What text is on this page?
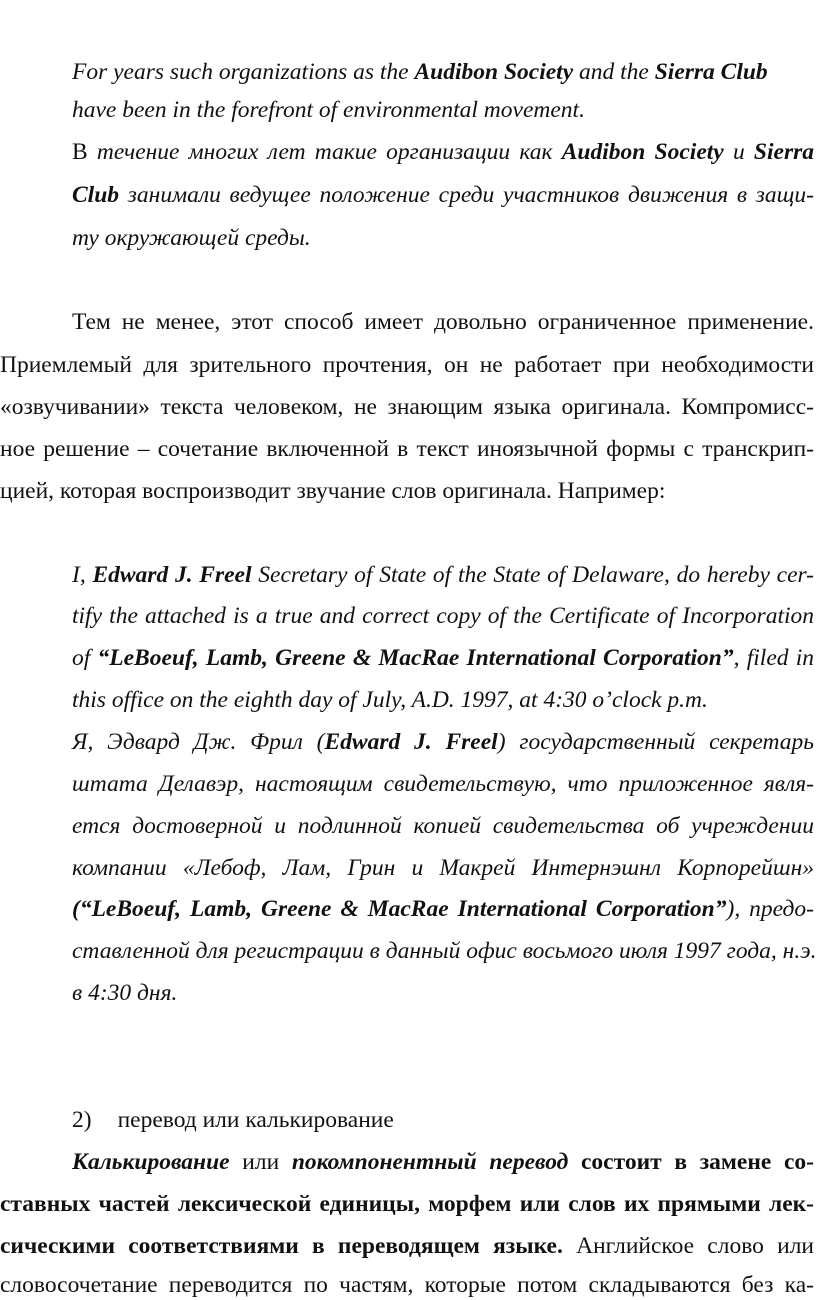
For years such organizations as the Audibon Society and the Sierra Club
have been in the forefront of environmental movement.
В течение многих лет такие организации как Audibon Society и Sierra
Club занимали ведущее положение среди участников движения в защи-
ту окружающей среды.
Тем не менее, этот способ имеет довольно ограниченное применение.
Приемлемый для зрительного прочтения, он не работает при необходимости
«озвучивании» текста человеком, не знающим языка оригинала. Компромисс-
ное решение – сочетание включенной в текст иноязычной формы с транскрип-
цией, которая воспроизводит звучание слов оригинала. Например:
I, Edward J. Freel Secretary of State of the State of Delaware, do hereby cer-
tify the attached is a true and correct copy of the Certificate of Incorporation
of “LeBoeuf, Lamb, Greene & MacRae International Corporation”, filed in
this office on the eighth day of July, A.D. 1997, at 4:30 o’clock p.m.
Я, Эдвард Дж. Фрил (Edward J. Freel) государственный секретарь
штата Делавэр, настоящим свидетельствую, что приложенное явля-
ется достоверной и подлинной копией свидетельства об учреждении
компании «Лебоф, Лам, Грин и Макрей Интернэшнл Корпорейшн»
(“LeBoeuf, Lamb, Greene & MacRae International Corporation”), предо-
ставленной для регистрации в данный офис восьмого июля 1997 года, н.э.
в 4:30 дня.
2) перевод или калькирование
Калькирование или покомпонентный перевод состоит в замене со-
ставных частей лексической единицы, морфем или слов их прямыми лек-
сическими соответствиями в переводящем языке. Английское слово или
словосочетание переводится по частям, которые потом складываются без ка-
